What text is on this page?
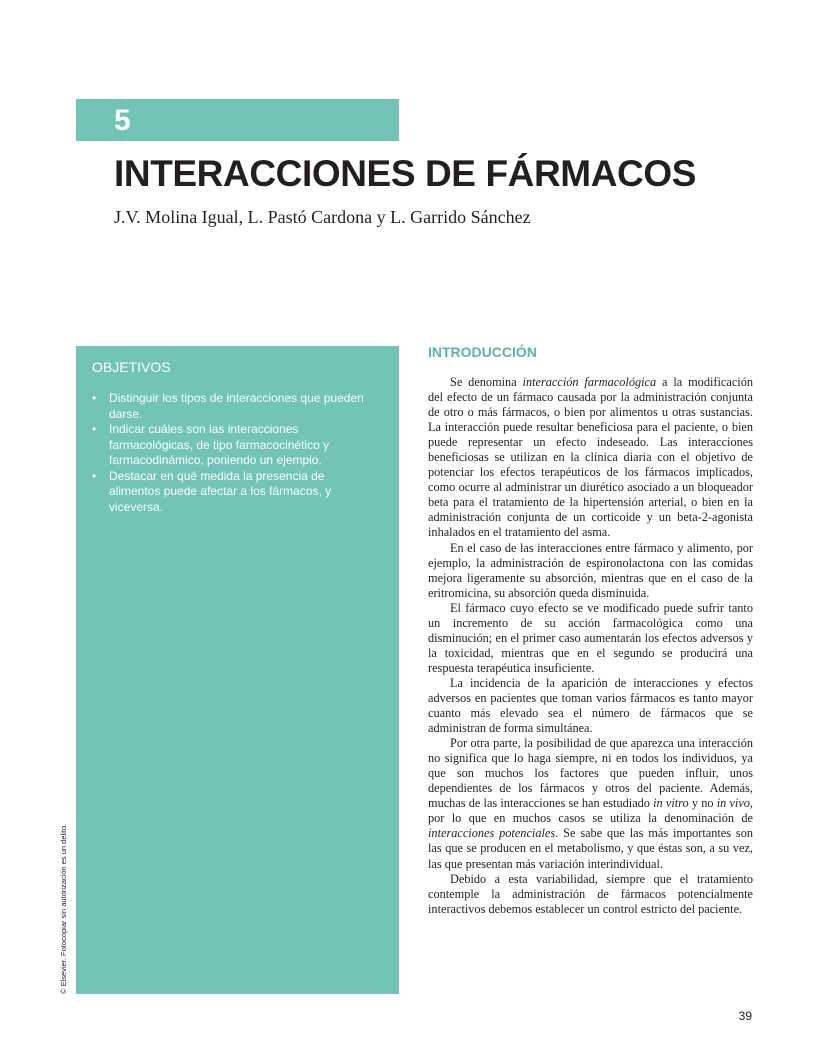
5
INTERACCIONES DE FÁRMACOS
J.V. Molina Igual, L. Pastó Cardona y L. Garrido Sánchez
OBJETIVOS
•	Distinguir los tipos de interacciones que pueden darse.
•	Indicar cuáles son las interacciones farmacológicas, de tipo farmacocinético y farmacodinámico, poniendo un ejemplo.
•	Destacar en qué medida la presencia de alimentos puede afectar a los fármacos, y viceversa.
INTRODUCCIÓN

Se denomina interacción farmacológica a la modificación del efecto de un fármaco causada por la administración conjunta de otro o más fármacos, o bien por alimentos u otras sustancias. La interacción puede resultar beneficiosa para el paciente, o bien puede representar un efecto indeseado. Las interacciones beneficiosas se utilizan en la clínica diaria con el objetivo de potenciar los efectos terapéuticos de los fármacos implicados, como ocurre al administrar un diurético asociado a un bloqueador beta para el tratamiento de la hipertensión arterial, o bien en la administración conjunta de un corticoide y un beta-2-agonista inhalados en el tratamiento del asma.

En el caso de las interacciones entre fármaco y alimento, por ejemplo, la administración de espironolactona con las comidas mejora ligeramente su absorción, mientras que en el caso de la eritromicina, su absorción queda disminuida.

El fármaco cuyo efecto se ve modificado puede sufrir tanto un incremento de su acción farmacológica como una disminución; en el primer caso aumentarán los efectos adversos y la toxicidad, mientras que en el segundo se producirá una respuesta terapéutica insuficiente.

La incidencia de la aparición de interacciones y efectos adversos en pacientes que toman varios fármacos es tanto mayor cuanto más elevado sea el número de fármacos que se administran de forma simultánea.

Por otra parte, la posibilidad de que aparezca una interacción no significa que lo haga siempre, ni en todos los individuos, ya que son muchos los factores que pueden influir, unos dependientes de los fármacos y otros del paciente. Además, muchas de las interacciones se han estudiado in vitro y no in vivo, por lo que en muchos casos se utiliza la denominación de interacciones potenciales. Se sabe que las más importantes son las que se producen en el metabolismo, y que éstas son, a su vez, las que presentan más variación interindividual.

Debido a esta variabilidad, siempre que el tratamiento contemple la administración de fármacos potencialmente interactivos debemos establecer un control estricto del paciente.

39
© Elsevier. Fotocopiar sin autorización es un delito.
